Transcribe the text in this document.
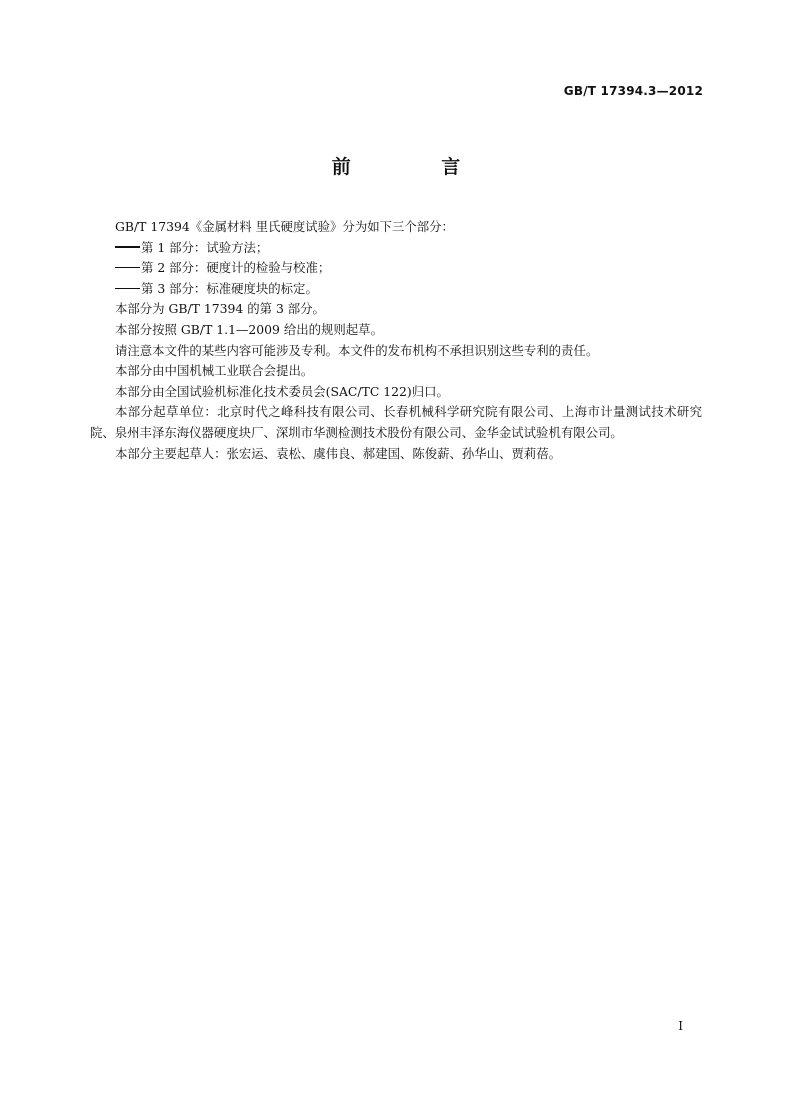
GB/T 17394.3—2012
前 言

GB/T 17394《金属材料 里氏硬度试验》分为如下三个部分：

第 1 部分：试验方法；

第 2 部分：硬度计的检验与校准；

第 3 部分：标准硬度块的标定。

本部分为 GB/T 17394 的第 3 部分。

本部分按照 GB/T 1.1—2009 给出的规则起草。

请注意本文件的某些内容可能涉及专利。本文件的发布机构不承担识别这些专利的责任。

本部分由中国机械工业联合会提出。

本部分由全国试验机标准化技术委员会(SAC/TC 122)归口。

本部分起草单位：北京时代之峰科技有限公司、长春机械科学研究院有限公司、上海市计量测试技术研究院、泉州丰泽东海仪器硬度块厂、深圳市华测检测技术股份有限公司、金华金试试验机有限公司。

本部分主要起草人：张宏运、袁松、虞伟良、郝建国、陈俊薪、孙华山、贾莉蓓。

I
